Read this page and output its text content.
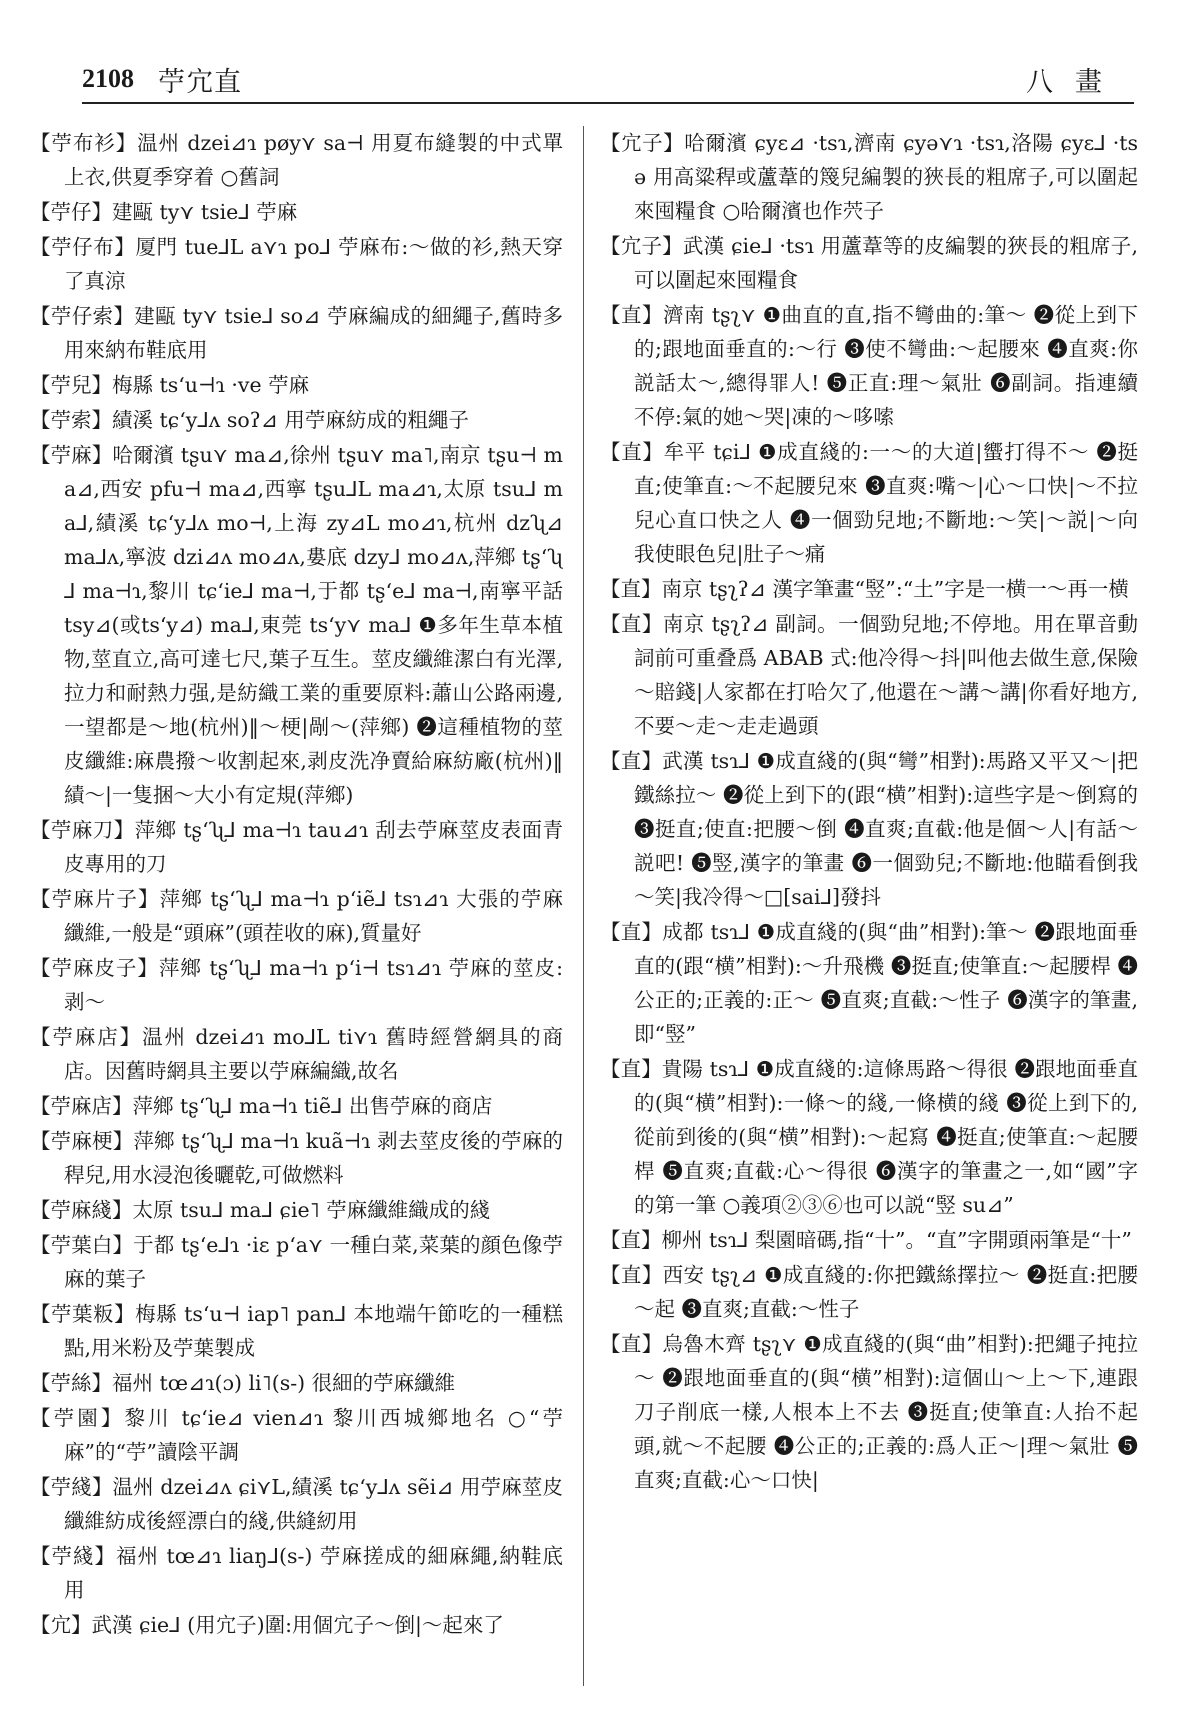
2108 苧宂直	八畫

【苧布衫】温州 dzei⊿ɿ pøy⋎ sa⊣ 用夏布縫製的中式單上衣,供夏季穿着 ○舊詞

【苧仔】建甌 ty⋎ tsie⅃ 苧麻

【苧仔布】厦門 tue⅃L a⋎ɿ po⅃ 苧麻布:～做的衫,熱天穿了真涼

【苧仔索】建甌 ty⋎ tsie⅃ so⊿ 苧麻編成的細繩子,舊時多用來納布鞋底用

【苧兒】梅縣 tsʻu⊣ɿ ·ve 苧麻

【苧索】績溪 tɕʻy⅃ʌ soʔ⊿ 用苧麻紡成的粗繩子

【苧麻】哈爾濱 tʂu⋎ ma⊿,徐州 tʂu⋎ ma˥,南京 tʂu⊣ ma⊿,西安 pfu⊣ ma⊿,西寧 tʂu⅃L ma⊿ɿ,太原 tsu⅃ ma⅃,績溪 tɕʻy⅃ʌ mo⊣,上海 zy⊿L mo⊿ɿ,杭州 dzʯ⊿ ma⅃ʌ,寧波 dzi⊿ʌ mo⊿ʌ,婁底 dzy⅃ mo⊿ʌ,萍鄉 tʂʻʯ⅃ ma⊣ɿ,黎川 tɕʻie⅃ ma⊣,于都 tʂʻe⅃ ma⊣,南寧平話 tsy⊿(或tsʻy⊿) ma⅃,東莞 tsʻy⋎ ma⅃ ❶多年生草本植物,莖直立,高可達七尺,葉子互生。莖皮纖維潔白有光澤,拉力和耐熱力强,是紡織工業的重要原料:蕭山公路兩邊,一望都是～地(杭州)‖～梗|剮～(萍鄉) ❷這種植物的莖皮纖維:麻農撥～收割起來,剥皮洗净賣給麻紡廠(杭州)‖績～|一隻捆～大小有定規(萍鄉)

【苧麻刀】萍鄉 tʂʻʯ⅃ ma⊣ɿ tau⊿ɿ 刮去苧麻莖皮表面青皮專用的刀

【苧麻片子】萍鄉 tʂʻʯ⅃ ma⊣ɿ pʻiẽ⅃ tsɿ⊿ɿ 大張的苧麻纖維,一般是“頭麻”(頭茬收的麻),質量好

【苧麻皮子】萍鄉 tʂʻʯ⅃ ma⊣ɿ pʻi⊣ tsɿ⊿ɿ 苧麻的莖皮:剥～

【苧麻店】温州 dzei⊿ɿ mo⅃L ti⋎ɿ 舊時經營網具的商店。因舊時網具主要以苧麻編織,故名

【苧麻店】萍鄉 tʂʻʯ⅃ ma⊣ɿ tiẽ⅃ 出售苧麻的商店

【苧麻梗】萍鄉 tʂʻʯ⅃ ma⊣ɿ kuã⊣ɿ 剥去莖皮後的苧麻的稈兒,用水浸泡後曬乾,可做燃料

【苧麻綫】太原 tsu⅃ ma⅃ ɕie˥ 苧麻纖維織成的綫

【苧葉白】于都 tʂʻe⅃ɿ ·iɛ pʻa⋎ 一種白菜,菜葉的顔色像苧麻的葉子

【苧葉粄】梅縣 tsʻu⊣ iap˥ pan⅃ 本地端午節吃的一種糕點,用米粉及苧葉製成

【苧絲】福州 tœ⊿ɿ(ɔ) li˥(s-) 很細的苧麻纖維

【苧園】黎川 tɕʻie⊿ vien⊿ɿ 黎川西城鄉地名 ○“苧麻”的“苧”讀陰平調

【苧綫】温州 dzei⊿ʌ ɕi⋎L,績溪 tɕʻy⅃ʌ sẽi⊿ 用苧麻莖皮纖維紡成後經漂白的綫,供縫紉用

【苧綫】福州 tœ⊿ɿ liaŋ⅃(s-) 苧麻搓成的細麻繩,納鞋底用

【宂】武漢 ɕie⅃ (用宂子)圍:用個宂子～倒|～起來了

【宂子】哈爾濱 ɕyɛ⊿ ·tsɿ,濟南 ɕyə⋎ɿ ·tsɿ,洛陽 ɕyɛ⅃ ·tsə 用高粱稈或蘆葦的篾兒編製的狹長的粗席子,可以圍起來囤糧食 ○哈爾濱也作茓子

【宂子】武漢 ɕie⅃ ·tsɿ 用蘆葦等的皮編製的狹長的粗席子,可以圍起來囤糧食

【直】濟南 tʂʅ⋎ ❶曲直的直,指不彎曲的:筆～ ❷從上到下的;跟地面垂直的:～行 ❸使不彎曲:～起腰來 ❹直爽:你説話太～,總得罪人! ❺正直:理～氣壯 ❻副詞。指連續不停:氣的她～哭|凍的～哆嗦

【直】牟平 tɕi⅃ ❶成直綫的:一～的大道|蠁打得不～ ❷挺直;使筆直:～不起腰兒來 ❸直爽:嘴～|心～口快|～不拉兒心直口快之人 ❹一個勁兒地;不斷地:～笑|～説|～向我使眼色兒|肚子～痛

【直】南京 tʂʅʔ⊿ 漢字筆畫“竪”:“土”字是一横一～再一横

【直】南京 tʂʅʔ⊿ 副詞。一個勁兒地;不停地。用在單音動詞前可重叠爲 ABAB 式:他冷得～抖|叫他去做生意,保險～賠錢|人家都在打哈欠了,他還在～講～講|你看好地方,不要～走～走走過頭

【直】武漢 tsɿ⅃ ❶成直綫的(與“彎”相對):馬路又平又～|把鐵絲拉～ ❷從上到下的(跟“横”相對):這些字是～倒寫的 ❸挺直;使直:把腰～倒 ❹直爽;直截:他是個～人|有話～説吧! ❺竪,漢字的筆畫 ❻一個勁兒;不斷地:他瞄看倒我～笑|我冷得～□[sai⅃]發抖

【直】成都 tsɿ⅃ ❶成直綫的(與“曲”相對):筆～ ❷跟地面垂直的(跟“横”相對):～升飛機 ❸挺直;使筆直:～起腰桿 ❹公正的;正義的:正～ ❺直爽;直截:～性子 ❻漢字的筆畫,即“竪”

【直】貴陽 tsɿ⅃ ❶成直綫的:這條馬路～得很 ❷跟地面垂直的(與“横”相對):一條～的綫,一條横的綫 ❸從上到下的,從前到後的(與“横”相對):～起寫 ❹挺直;使筆直:～起腰桿 ❺直爽;直截:心～得很 ❻漢字的筆畫之一,如“國”字的第一筆 ○義項②③⑥也可以説“竪 su⊿”

【直】柳州 tsɿ⅃ 梨園暗碼,指“十”。“直”字開頭兩筆是“十”

【直】西安 tʂʅ⊿ ❶成直綫的:你把鐵絲擇拉～ ❷挺直:把腰～起 ❸直爽;直截:～性子

【直】烏魯木齊 tʂʅ⋎ ❶成直綫的(與“曲”相對):把繩子扽拉～ ❷跟地面垂直的(與“横”相對):這個山～上～下,連跟刀子削底一樣,人根本上不去 ❸挺直;使筆直:人抬不起頭,就～不起腰 ❹公正的;正義的:爲人正～|理～氣壯 ❺直爽;直截:心～口快|
